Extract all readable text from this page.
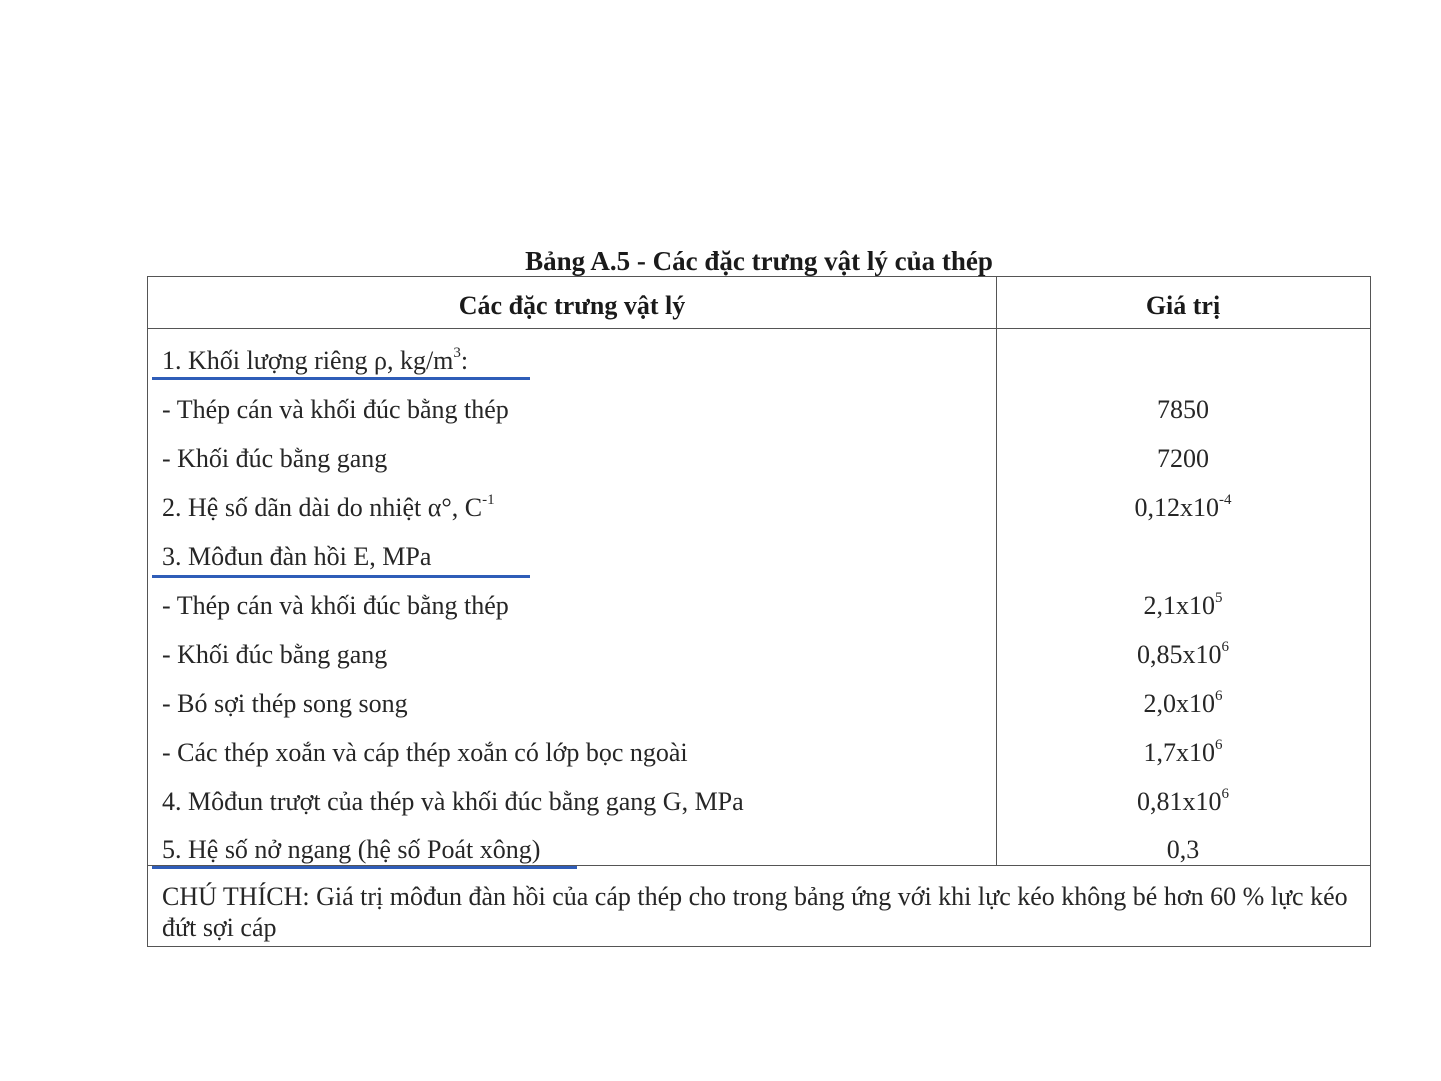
Bảng A.5 - Các đặc trưng vật lý của thép
Các đặc trưng vật lý	Giá trị
1. Khối lượng riêng ρ, $kg/m^3$:
- Thép cán và khối đúc bằng thép	7850
- Khối đúc bằng gang	7200
2. Hệ số dãn dài do nhiệt α°, $C^{-1}$	$0,12x10^{-4}$
3. Môđun đàn hồi E, MPa
- Thép cán và khối đúc bằng thép	$2,1x10^5$
- Khối đúc bằng gang	$0,85x10^6$
- Bó sợi thép song song	$2,0x10^6$
- Các thép xoắn và cáp thép xoắn có lớp bọc ngoài	$1,7x10^6$
4. Môđun trượt của thép và khối đúc bằng gang G, MPa	$0,81x10^6$
5. Hệ số nở ngang (hệ số Poát xông)	0,3
CHÚ THÍCH: Giá trị môđun đàn hồi của cáp thép cho trong bảng ứng với khi lực kéo không bé hơn 60 % lực kéo đứt sợi cáp
